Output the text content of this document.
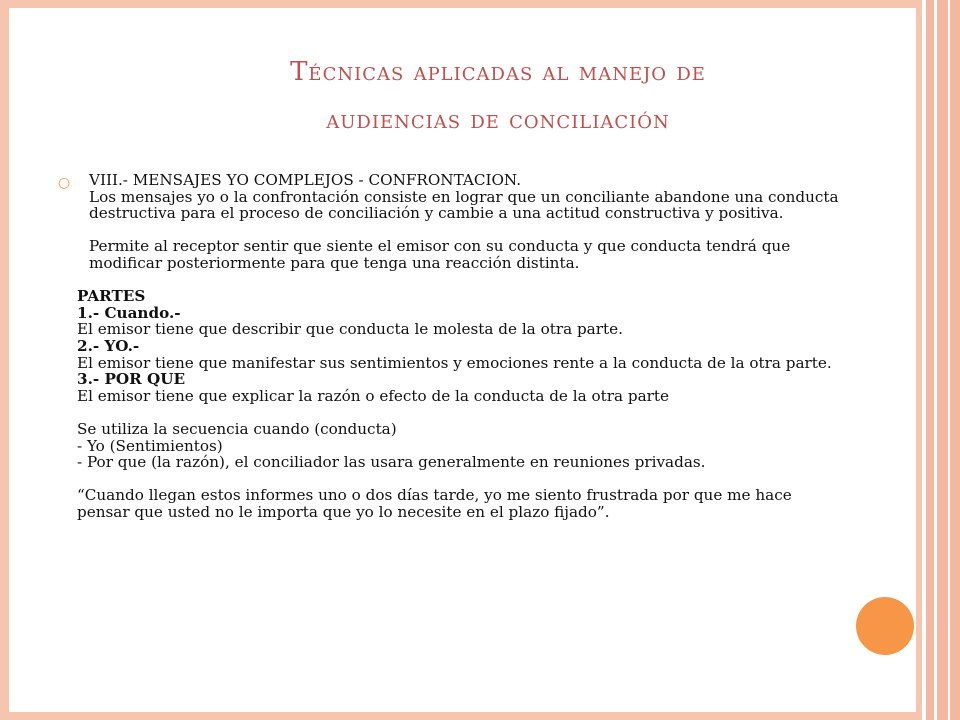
Técnicas aplicadas al manejo de
audiencias de conciliación
○ VIII.- MENSAJES YO COMPLEJOS - CONFRONTACION.

Los mensajes yo o la confrontación consiste en lograr que un conciliante abandone una conducta destructiva para el proceso de conciliación y cambie a una actitud constructiva y positiva.

Permite al receptor sentir que siente el emisor con su conducta y que conducta tendrá que modificar posteriormente para que tenga una reacción distinta.

PARTES

1.- Cuando.-

El emisor tiene que describir que conducta le molesta de la otra parte.

2.- YO.-

El emisor tiene que manifestar sus sentimientos y emociones rente a la conducta de la otra parte.

3.- POR QUE

El emisor tiene que explicar la razón o efecto de la conducta de la otra parte

Se utiliza la secuencia cuando (conducta)

- Yo (Sentimientos)

- Por que (la razón), el conciliador las usara generalmente en reuniones privadas.

“Cuando llegan estos informes uno o dos días tarde, yo me siento frustrada por que me hace pensar que usted no le importa que yo lo necesite en el plazo fijado”.
